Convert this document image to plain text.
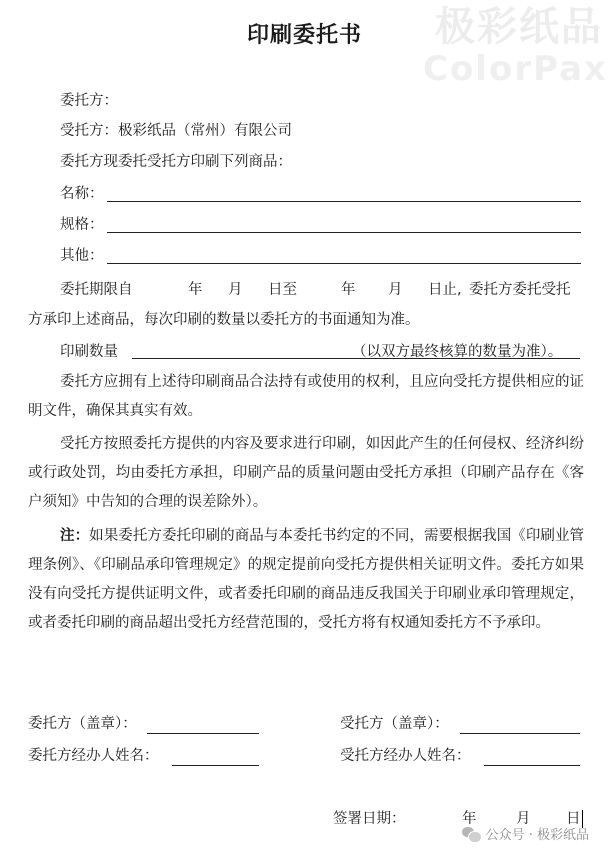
极彩纸品
ColorPax
印刷委托书
委托方：
受托方：极彩纸品（常州）有限公司
委托方现委托受托方印刷下列商品：
名称：
规格：
其他：
委托期限自	年 月 日至	年 月 日止, 委托方委托受托
方承印上述商品，每次印刷的数量以委托方的书面通知为准。
印刷数量	（以双方最终核算的数量为准）。
委托方应拥有上述待印刷商品合法持有或使用的权利，且应向受托方提供相应的证明文件，确保其真实有效。
受托方按照委托方提供的内容及要求进行印刷，如因此产生的任何侵权、经济纠纷或行政处罚，均由委托方承担，印刷产品的质量问题由受托方承担（印刷产品存在《客户须知》中告知的合理的误差除外）。
注：如果委托方委托印刷的商品与本委托书约定的不同，需要根据我国《印刷业管理条例》、《印刷品承印管理规定》的规定提前向受托方提供相关证明文件。委托方如果没有向受托方提供证明文件，或者委托印刷的商品违反我国关于印刷业承印管理规定，或者委托印刷的商品超出受托方经营范围的，受托方将有权通知委托方不予承印。
委托方（盖章）：	受托方（盖章）：
委托方经办人姓名：	受托方经办人姓名：
签署日期：	年	月 日
公众号 · 极彩纸品
